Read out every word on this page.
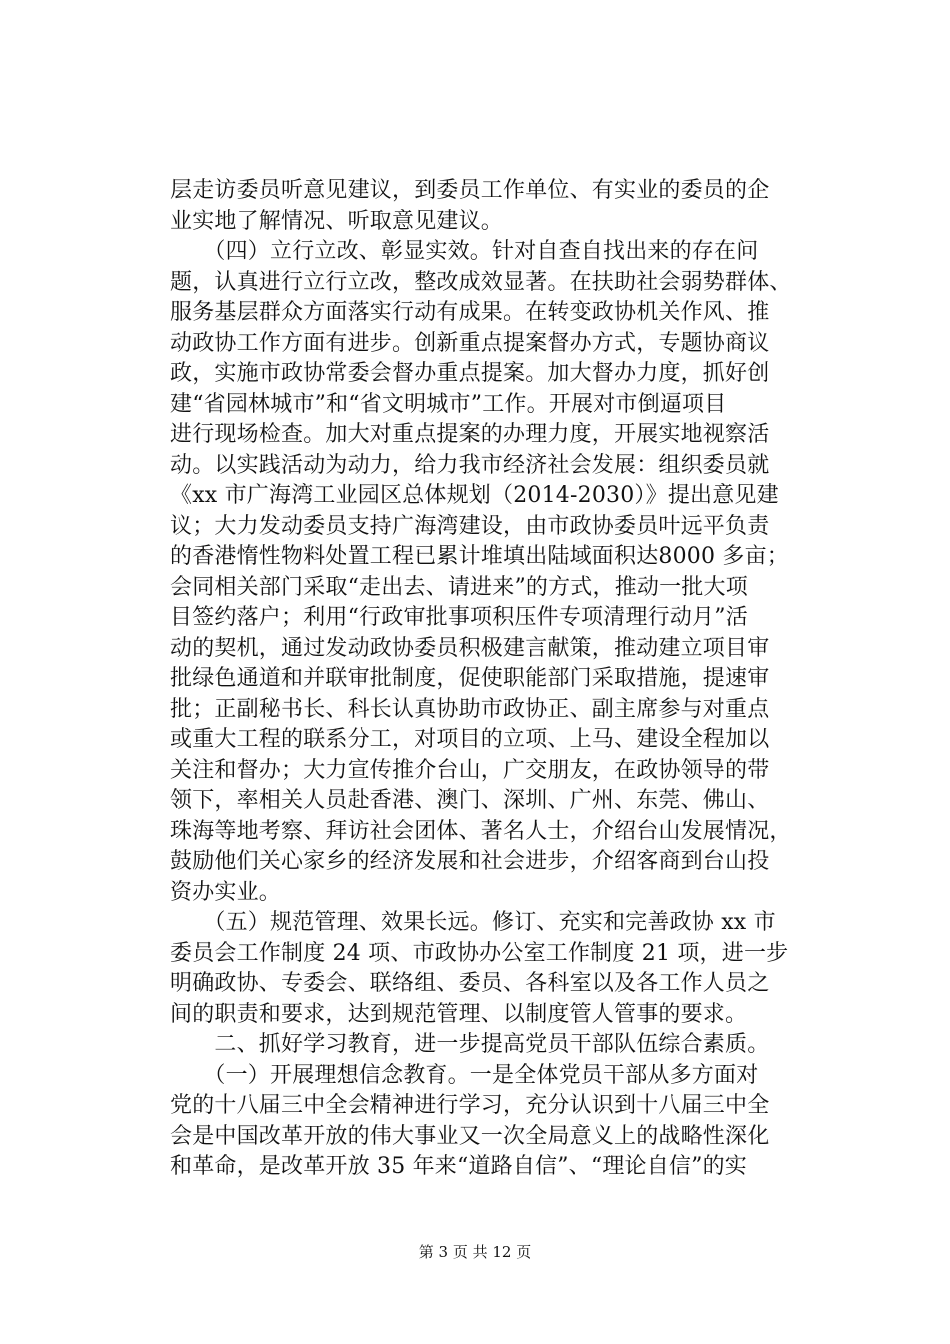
层走访委员听意见建议，到委员工作单位、有实业的委员的企
业实地了解情况、听取意见建议。
　　（四）立行立改、彰显实效。针对自查自找出来的存在问
题，认真进行立行立改，整改成效显著。在扶助社会弱势群体、
服务基层群众方面落实行动有成果。在转变政协机关作风、推
动政协工作方面有进步。创新重点提案督办方式，专题协商议
政，实施市政协常委会督办重点提案。加大督办力度，抓好创
建“省园林城市”和“省文明城市”工作。开展对市倒逼项目
进行现场检查。加大对重点提案的办理力度，开展实地视察活
动。以实践活动为动力，给力我市经济社会发展：组织委员就
《xx 市广海湾工业园区总体规划（2014-2030）》提出意见建
议；大力发动委员支持广海湾建设，由市政协委员叶远平负责
的香港惰性物料处置工程已累计堆填出陆域面积达8000 多亩；
会同相关部门采取“走出去、请进来”的方式，推动一批大项
目签约落户；利用“行政审批事项积压件专项清理行动月”活
动的契机，通过发动政协委员积极建言献策，推动建立项目审
批绿色通道和并联审批制度，促使职能部门采取措施，提速审
批；正副秘书长、科长认真协助市政协正、副主席参与对重点
或重大工程的联系分工，对项目的立项、上马、建设全程加以
关注和督办；大力宣传推介台山，广交朋友，在政协领导的带
领下，率相关人员赴香港、澳门、深圳、广州、东莞、佛山、
珠海等地考察、拜访社会团体、著名人士，介绍台山发展情况，
鼓励他们关心家乡的经济发展和社会进步，介绍客商到台山投
资办实业。
　　（五）规范管理、效果长远。修订、充实和完善政协 xx 市
委员会工作制度 24 项、市政协办公室工作制度 21 项，进一步
明确政协、专委会、联络组、委员、各科室以及各工作人员之
间的职责和要求，达到规范管理、以制度管人管事的要求。
　　二、抓好学习教育，进一步提高党员干部队伍综合素质。
　　（一）开展理想信念教育。一是全体党员干部从多方面对
党的十八届三中全会精神进行学习，充分认识到十八届三中全
会是中国改革开放的伟大事业又一次全局意义上的战略性深化
和革命，是改革开放 35 年来“道路自信”、“理论自信”的实
第 3 页 共 12 页
